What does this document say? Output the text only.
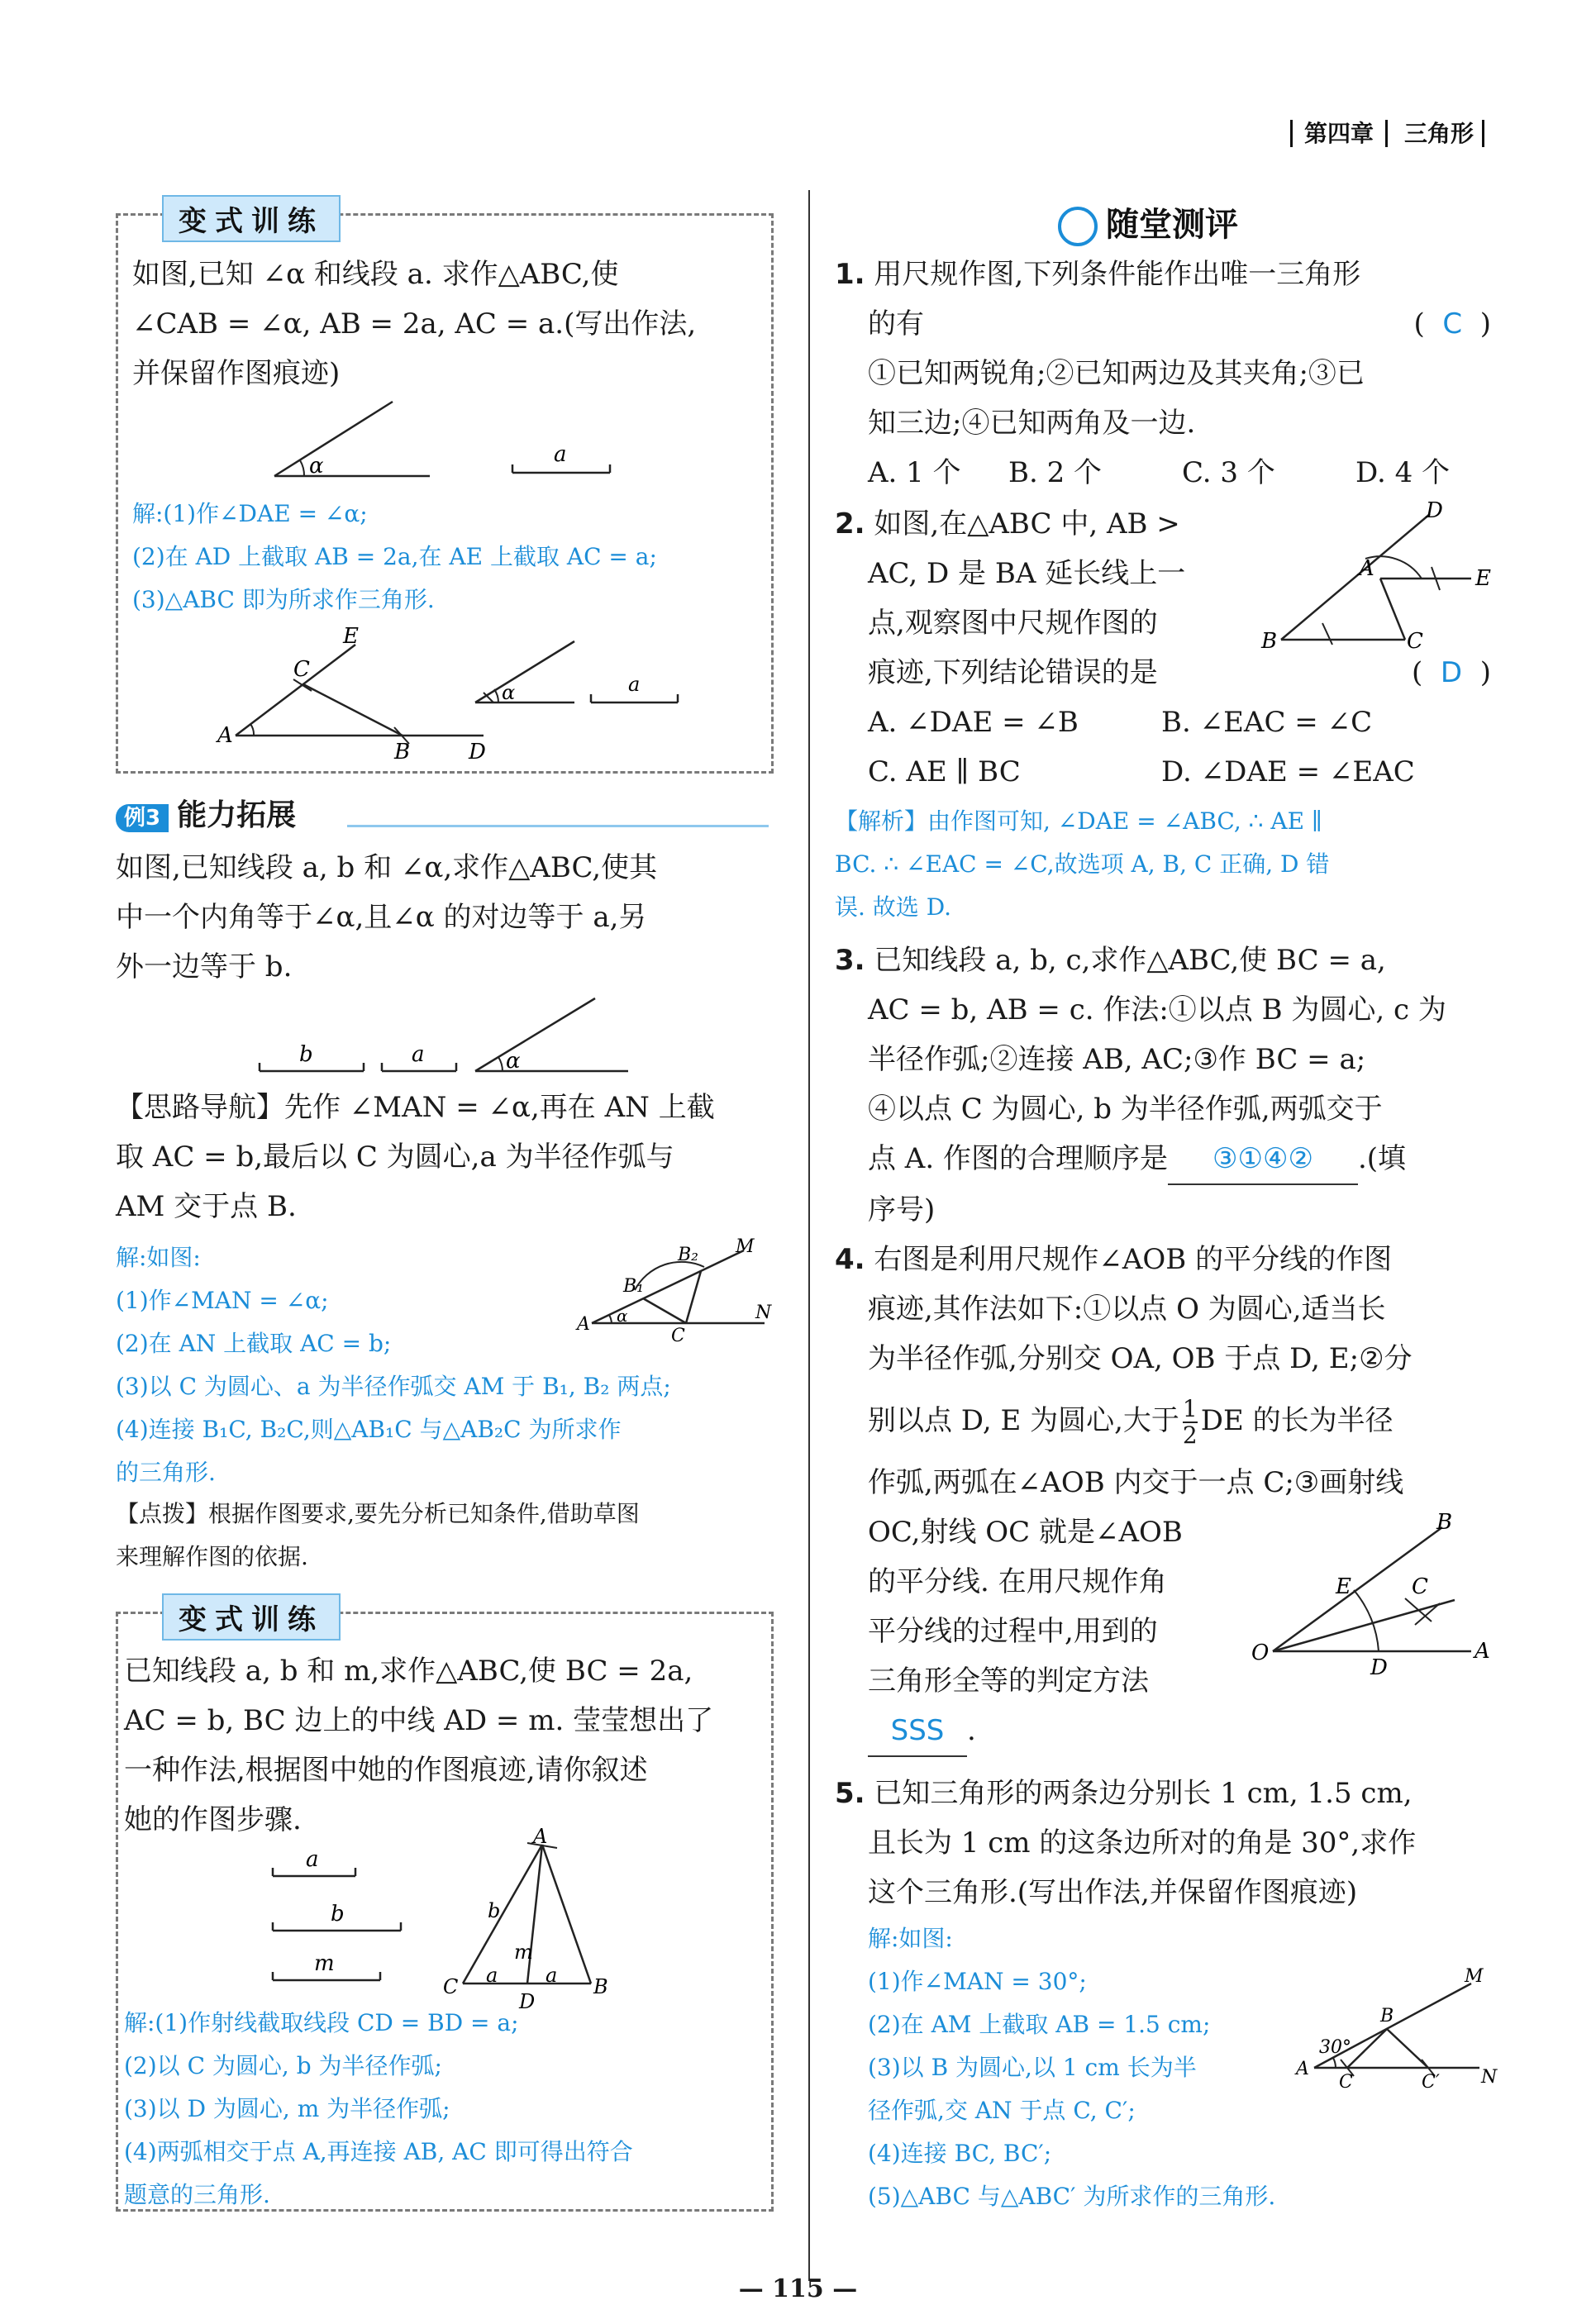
第四章 三角形
变式训练

如图,已知 ∠α 和线段 a. 求作△ABC,使

∠CAB = ∠α, AB = 2a, AC = a.(写出作法,

并保留作图痕迹)

α	a
解:(1)作∠DAE = ∠α;
(2)在 AD 上截取 AB = 2a,在 AE 上截取 AC = a;
(3)△ABC 即为所求作三角形.
A
C
E
B	D
α	a
例3 能力拓展

如图,已知线段 a, b 和 ∠α,求作△ABC,使其

中一个内角等于∠α,且∠α 的对边等于 a,另

外一边等于 b.

b	a	α

【思路导航】先作 ∠MAN = ∠α,再在 AN 上截

取 AC = b,最后以 C 为圆心,a 为半径作弧与

AM 交于点 B.

解:如图:
(1)作∠MAN = ∠α;
(2)在 AN 上截取 AC = b;
(3)以 C 为圆心、a 为半径作弧交 AM 于 B₁, B₂ 两点;
(4)连接 B₁C, B₂C,则△AB₁C 与△AB₂C 为所求作
的三角形.
A α
C
B₁
B₂ M
N
【点拨】根据作图要求,要先分析已知条件,借助草图
来理解作图的依据.
变式训练

已知线段 a, b 和 m,求作△ABC,使 BC = 2a,

AC = b, BC 边上的中线 AD = m. 莹莹想出了

一种作法,根据图中她的作图痕迹,请你叙述

她的作图步骤.

a
b
m
A
C	B
D
b
m
a a
解:(1)作射线截取线段 CD = BD = a;
(2)以 C 为圆心, b 为半径作弧;
(3)以 D 为圆心, m 为半径作弧;
(4)两弧相交于点 A,再连接 AB, AC 即可得出符合
题意的三角形.
随堂测评

1. 用尺规作图,下列条件能作出唯一三角形

的有	(  C  )

①已知两锐角;②已知两边及其夹角;③已

知三边;④已知两角及一边.

A. 1 个 B. 2 个	C. 3 个	D. 4 个

2. 如图,在△ABC 中, AB >

AC, D 是 BA 延长线上一

点,观察图中尺规作图的

痕迹,下列结论错误的是	(  D  )

A. ∠DAE = ∠B	B. ∠EAC = ∠C

C. AE ∥ BC	D. ∠DAE = ∠EAC

B	C
A
D
E
【解析】由作图可知, ∠DAE = ∠ABC, ∴ AE ∥
BC. ∴ ∠EAC = ∠C,故选项 A, B, C 正确, D 错
误. 故选 D.

3. 已知线段 a, b, c,求作△ABC,使 BC = a,

AC = b, AB = c. 作法:①以点 B 为圆心, c 为

半径作弧;②连接 AB, AC;③作 BC = a;

④以点 C 为圆心, b 为半径作弧,两弧交于

点 A. 作图的合理顺序是 ③①④② .(填

序号)

4. 右图是利用尺规作∠AOB 的平分线的作图

痕迹,其作法如下:①以点 O 为圆心,适当长

为半径作弧,分别交 OA, OB 于点 D, E;②分

别以点 D, E 为圆心,大于 $\frac{1}{2}$ DE 的长为半径

作弧,两弧在∠AOB 内交于一点 C;③画射线

OC,射线 OC 就是∠AOB

的平分线. 在用尺规作角

平分线的过程中,用到的

三角形全等的判定方法

SSS .

O	A
B
E	C
D

5. 已知三角形的两条边分别长 1 cm, 1.5 cm,

且长为 1 cm 的这条边所对的角是 30°,求作

这个三角形.(写出作法,并保留作图痕迹)

解:如图:
(1)作∠MAN = 30°;
(2)在 AM 上截取 AB = 1.5 cm;
(3)以 B 为圆心,以 1 cm 长为半
径作弧,交 AN 于点 C, C′;
(4)连接 BC, BC′;
(5)△ABC 与△ABC′ 为所求作的三角形.
30°
A
B
C	C′
M
N
— 115 —
